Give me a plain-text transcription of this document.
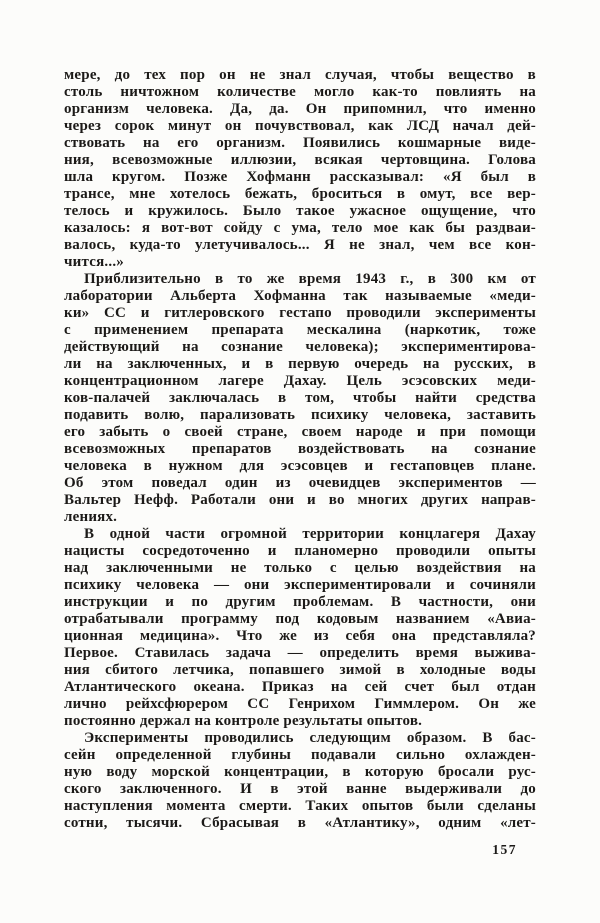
мере, до тех пор он не знал случая, чтобы вещество в
столь ничтожном количестве могло как-то повлиять на
организм человека. Да, да. Он припомнил, что именно
через сорок минут он почувствовал, как ЛСД начал дей-
ствовать на его организм. Появились кошмарные виде-
ния, всевозможные иллюзии, всякая чертовщина. Голова
шла кругом. Позже Хофманн рассказывал: «Я был в
трансе, мне хотелось бежать, броситься в омут, все вер-
телось и кружилось. Было такое ужасное ощущение, что
казалось: я вот-вот сойду с ума, тело мое как бы раздваи-
валось, куда-то улетучивалось... Я не знал, чем все кон-
чится...»
Приблизительно в то же время 1943 г., в 300 км от
лаборатории Альберта Хофманна так называемые «меди-
ки» СС и гитлеровского гестапо проводили эксперименты
с применением препарата мескалина (наркотик, тоже
действующий на сознание человека); экспериментирова-
ли на заключенных, и в первую очередь на русских, в
концентрационном лагере Дахау. Цель эсэсовских меди-
ков-палачей заключалась в том, чтобы найти средства
подавить волю, парализовать психику человека, заставить
его забыть о своей стране, своем народе и при помощи
всевозможных препаратов воздействовать на сознание
человека в нужном для эсэсовцев и гестаповцев плане.
Об этом поведал один из очевидцев экспериментов —
Вальтер Нефф. Работали они и во многих других направ-
лениях.
В одной части огромной территории концлагеря Дахау
нацисты сосредоточенно и планомерно проводили опыты
над заключенными не только с целью воздействия на
психику человека — они экспериментировали и сочиняли
инструкции и по другим проблемам. В частности, они
отрабатывали программу под кодовым названием «Авиа-
ционная медицина». Что же из себя она представляла?
Первое. Ставилась задача — определить время выжива-
ния сбитого летчика, попавшего зимой в холодные воды
Атлантического океана. Приказ на сей счет был отдан
лично рейхсфюрером СС Генрихом Гиммлером. Он же
постоянно держал на контроле результаты опытов.
Эксперименты проводились следующим образом. В бас-
сейн определенной глубины подавали сильно охлажден-
ную воду морской концентрации, в которую бросали рус-
ского заключенного. И в этой ванне выдерживали до
наступления момента смерти. Таких опытов были сделаны
сотни, тысячи. Сбрасывая в «Атлантику», одним «лет-
157
